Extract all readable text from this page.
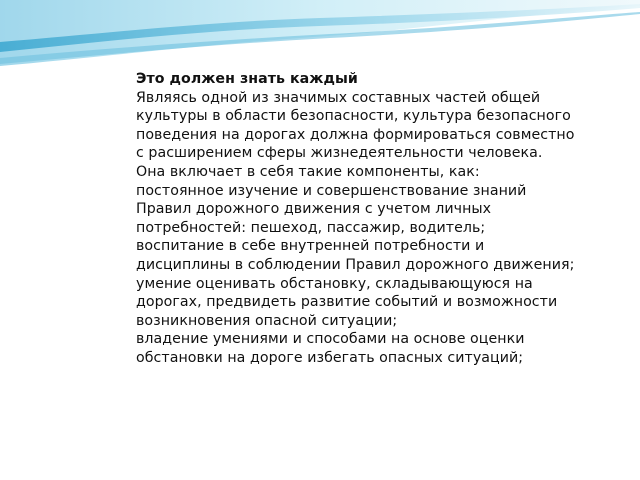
Это должен знать каждый

Являясь одной из значимых составных частей общей культуры в области безопасности, культура безопасного поведения на дорогах должна формироваться совместно с расширением сферы жизнедеятельности человека. Она включает в себя такие компоненты, как:

постоянное изучение и совершенствование знаний Правил дорожного движения с учетом личных потребностей: пешеход, пассажир, водитель;

воспитание в себе внутренней потребности и дисциплины в соблюдении Правил дорожного движения;

умение оценивать обстановку, складывающуюся на дорогах, предвидеть развитие событий и возможности возникновения опасной ситуации;

владение умениями и способами на основе оценки обстановки на дороге избегать опасных ситуаций;
